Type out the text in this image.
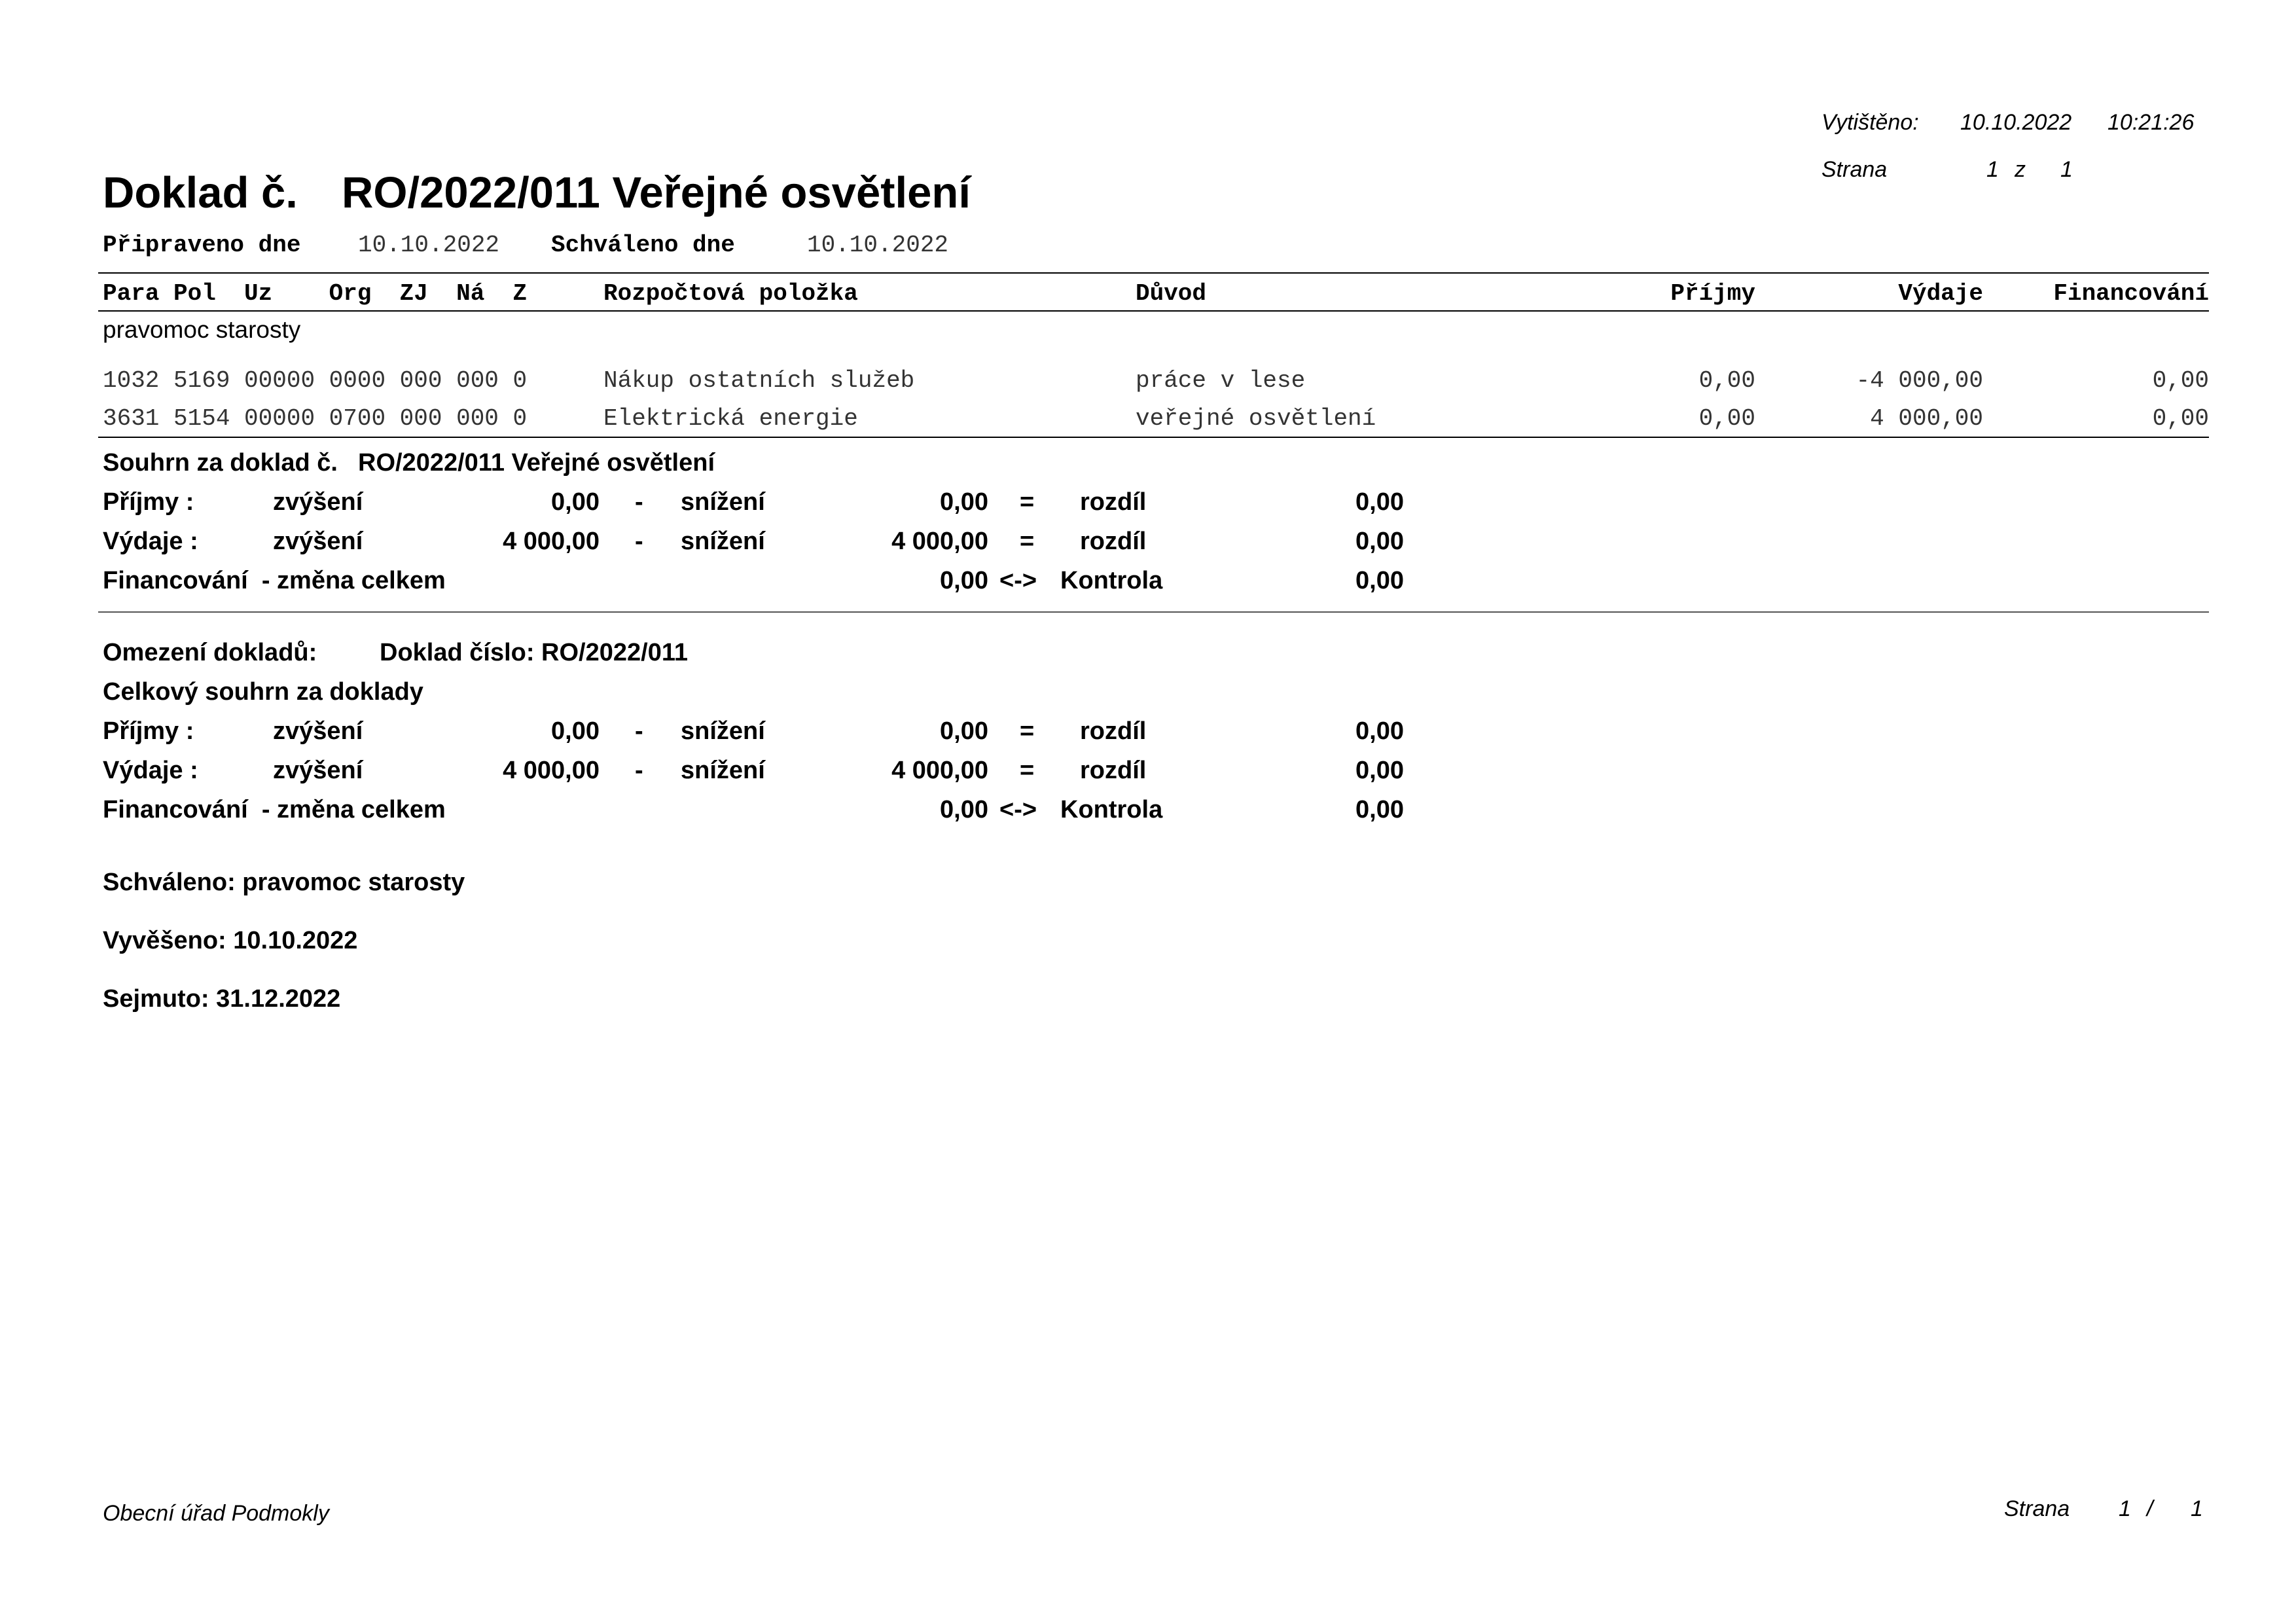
Vytištěno: 10.10.2022 10:21:26
Strana	1 z 1
Doklad č. RO/2022/011 Veřejné osvětlení
Připraveno dne 10.10.2022 Schváleno dne	10.10.2022
Para Pol  Uz    Org  ZJ  Ná  Z	Rozpočtová položka	Důvod	Příjmy	Výdaje	Financování
pravomoc starosty
1032 5169 00000 0000 000 000 0	Nákup ostatních služeb	práce v lese	0,00	-4 000,00	0,00
3631 5154 00000 0700 000 000 0	Elektrická energie	veřejné osvětlení	0,00	4 000,00	0,00
Souhrn za doklad č. RO/2022/011 Veřejné osvětlení
Příjmy :	zvýšení	0,00 - snížení	0,00 = rozdíl	0,00
Výdaje :	zvýšení	4 000,00 - snížení	4 000,00 = rozdíl	0,00
Financování  - změna celkem	0,00 <-> Kontrola	0,00
Omezení dokladů:	Doklad číslo: RO/2022/011
Celkový souhrn za doklady
Příjmy :	zvýšení	0,00 - snížení	0,00 = rozdíl	0,00
Výdaje :	zvýšení	4 000,00 - snížení	4 000,00 = rozdíl	0,00
Financování  - změna celkem	0,00 <-> Kontrola	0,00
Schváleno: pravomoc starosty
Vyvěšeno: 10.10.2022
Sejmuto: 31.12.2022
Obecní úřad Podmokly	Strana 1 / 1
